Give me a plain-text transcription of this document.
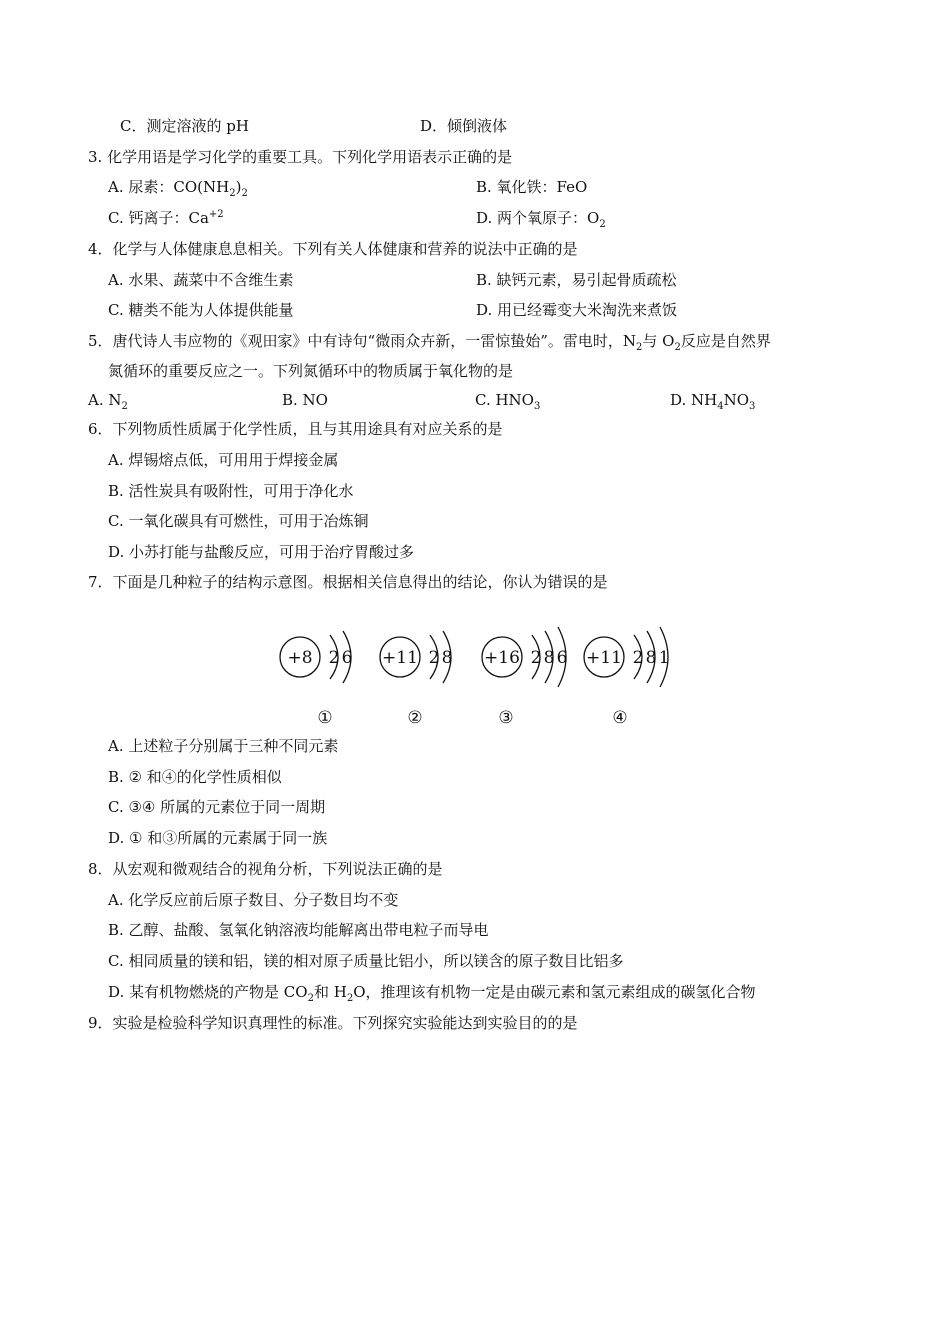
C．测定溶液的 pH	D．倾倒液体
3. 化学用语是学习化学的重要工具。下列化学用语表示正确的是
A. 尿素：$CO(NH_2)_2$	B. 氧化铁：FeO
C. 钙离子：$Ca^{+2}$	D. 两个氧原子：$O_2$
4．化学与人体健康息息相关。下列有关人体健康和营养的说法中正确的是
A. 水果、蔬菜中不含维生素	B. 缺钙元素，易引起骨质疏松
C. 糖类不能为人体提供能量	D. 用已经霉变大米淘洗来煮饭
5．唐代诗人韦应物的《观田家》中有诗句“微雨众卉新，一雷惊蛰始”。雷电时，$N_2$与 $O_2$反应是自然界
氮循环的重要反应之一。下列氮循环中的物质属于氧化物的是
A. $N_2$	B. NO	C. $HNO_3$	D. $NH_4NO_3$
6．下列物质性质属于化学性质，且与其用途具有对应关系的是
A. 焊锡熔点低，可用用于焊接金属
B. 活性炭具有吸附性，可用于净化水
C. 一氧化碳具有可燃性，可用于冶炼铜
D. 小苏打能与盐酸反应，可用于治疗胃酸过多
7．下面是几种粒子的结构示意图。根据相关信息得出的结论，你认为错误的是
+8 2 6
①
+11 2 8
②
+16 2 8 6
③
+11 2 8 1
④
A. 上述粒子分别属于三种不同元素
B. ② 和④的化学性质相似
C. ③④ 所属的元素位于同一周期
D. ① 和③所属的元素属于同一族
8．从宏观和微观结合的视角分析，下列说法正确的是
A. 化学反应前后原子数目、分子数目均不变
B. 乙醇、盐酸、氢氧化钠溶液均能解离出带电粒子而导电
C. 相同质量的镁和铝，镁的相对原子质量比铝小，所以镁含的原子数目比铝多
D. 某有机物燃烧的产物是 $CO_2$和 $H_2O$，推理该有机物一定是由碳元素和氢元素组成的碳氢化合物
9．实验是检验科学知识真理性的标准。下列探究实验能达到实验目的的是
